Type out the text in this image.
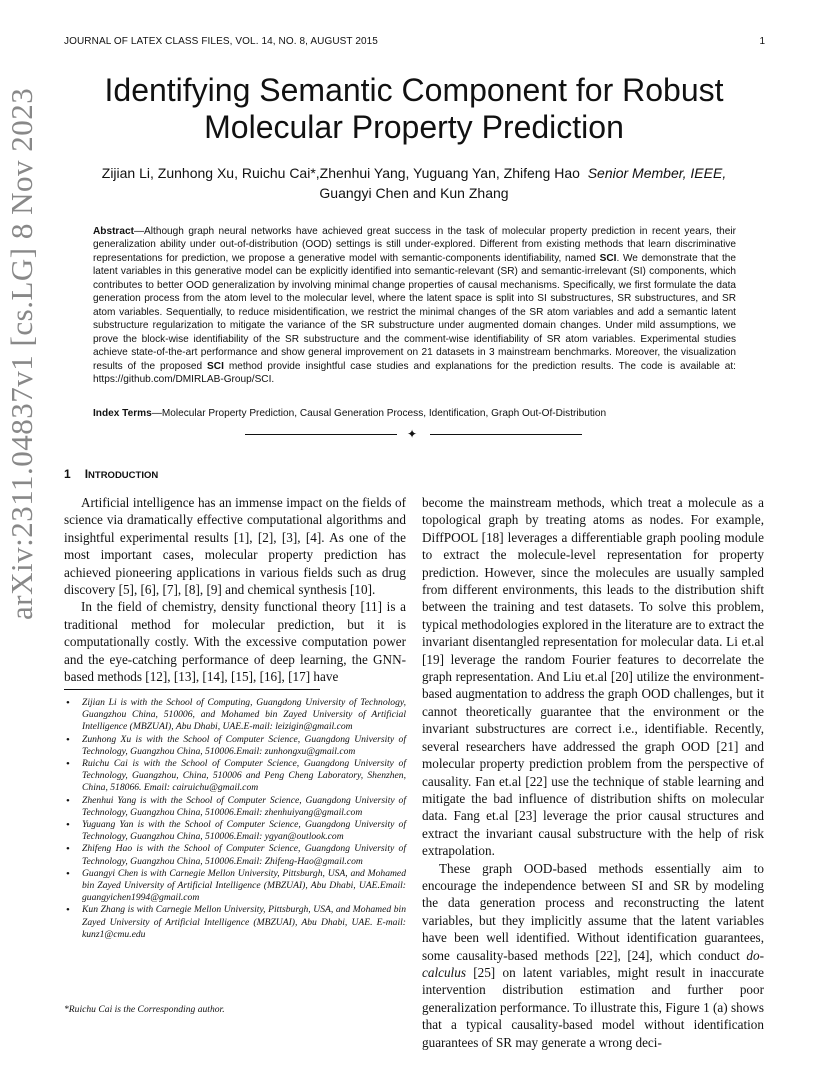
JOURNAL OF LATEX CLASS FILES, VOL. 14, NO. 8, AUGUST 2015	1
arXiv:2311.04837v1 [cs.LG] 8 Nov 2023	Identifying Semantic Component for Robust Molecular Property Prediction
Zijian Li, Zunhong Xu, Ruichu Cai*,Zhenhui Yang, Yuguang Yan, Zhifeng Hao Senior Member, IEEE,
Guangyi Chen and Kun Zhang
Abstract—Although graph neural networks have achieved great success in the task of molecular property prediction in recent years, their generalization ability under out-of-distribution (OOD) settings is still under-explored. Different from existing methods that learn discriminative representations for prediction, we propose a generative model with semantic-components identifiability, named SCI. We demonstrate that the latent variables in this generative model can be explicitly identified into semantic-relevant (SR) and semantic-irrelevant (SI) components, which contributes to better OOD generalization by involving minimal change properties of causal mechanisms. Specifically, we first formulate the data generation process from the atom level to the molecular level, where the latent space is split into SI substructures, SR substructures, and SR atom variables. Sequentially, to reduce misidentification, we restrict the minimal changes of the SR atom variables and add a semantic latent substructure regularization to mitigate the variance of the SR substructure under augmented domain changes. Under mild assumptions, we prove the block-wise identifiability of the SR substructure and the comment-wise identifiability of SR atom variables. Experimental studies achieve state-of-the-art performance and show general improvement on 21 datasets in 3 mainstream benchmarks. Moreover, the visualization results of the proposed SCI method provide insightful case studies and explanations for the prediction results. The code is available at: https://github.com/DMIRLAB-Group/SCI.
Index Terms—Molecular Property Prediction, Causal Generation Process, Identification, Graph Out-Of-Distribution
✦
1 INTRODUCTION

Artificial intelligence has an immense impact on the fields of science via dramatically effective computational algorithms and insightful experimental results [1], [2], [3], [4]. As one of the most important cases, molecular property prediction has achieved pioneering applications in various fields such as drug discovery [5], [6], [7], [8], [9] and chemical synthesis [10].

In the field of chemistry, density functional theory [11] is a traditional method for molecular prediction, but it is computationally costly. With the excessive computation power and the eye-catching performance of deep learning, the GNN-based methods [12], [13], [14], [15], [16], [17] have

• Zijian Li is with the School of Computing, Guangdong University of Technology, Guangzhou China, 510006, and Mohamed bin Zayed University of Artificial Intelligence (MBZUAI), Abu Dhabi, UAE.E-mail: leizigin@gmail.com
• Zunhong Xu is with the School of Computer Science, Guangdong University of Technology, Guangzhou China, 510006.Email: zunhongxu@gmail.com
• Ruichu Cai is with the School of Computer Science, Guangdong University of Technology, Guangzhou, China, 510006 and Peng Cheng Laboratory, Shenzhen, China, 518066. Email: cairuichu@gmail.com
• Zhenhui Yang is with the School of Computer Science, Guangdong University of Technology, Guangzhou China, 510006.Email: zhenhuiyang@gmail.com
• Yuguang Yan is with the School of Computer Science, Guangdong University of Technology, Guangzhou China, 510006.Email: ygyan@outlook.com
• Zhifeng Hao is with the School of Computer Science, Guangdong University of Technology, Guangzhou China, 510006.Email: Zhifeng-Hao@gmail.com
• Guangyi Chen is with Carnegie Mellon University, Pittsburgh, USA, and Mohamed bin Zayed University of Artificial Intelligence (MBZUAI), Abu Dhabi, UAE.Email: guangyichen1994@gmail.com
• Kun Zhang is with Carnegie Mellon University, Pittsburgh, USA, and Mohamed bin Zayed University of Artificial Intelligence (MBZUAI), Abu Dhabi, UAE. E-mail: kunz1@cmu.edu
*Ruichu Cai is the Corresponding author.

become the mainstream methods, which treat a molecule as a topological graph by treating atoms as nodes. For example, DiffPOOL [18] leverages a differentiable graph pooling module to extract the molecule-level representation for property prediction. However, since the molecules are usually sampled from different environments, this leads to the distribution shift between the training and test datasets. To solve this problem, typical methodologies explored in the literature are to extract the invariant disentangled representation for molecular data. Li et.al [19] leverage the random Fourier features to decorrelate the graph representation. And Liu et.al [20] utilize the environment-based augmentation to address the graph OOD challenges, but it cannot theoretically guarantee that the environment or the invariant substructures are correct i.e., identifiable. Recently, several researchers have addressed the graph OOD [21] and molecular property prediction problem from the perspective of causality. Fan et.al [22] use the technique of stable learning and mitigate the bad influence of distribution shifts on molecular data. Fang et.al [23] leverage the prior causal structures and extract the invariant causal substructure with the help of risk extrapolation.

These graph OOD-based methods essentially aim to encourage the independence between SI and SR by modeling the data generation process and reconstructing the latent variables, but they implicitly assume that the latent variables have been well identified. Without identification guarantees, some causality-based methods [22], [24], which conduct do-calculus [25] on latent variables, might result in inaccurate intervention distribution estimation and further poor generalization performance. To illustrate this, Figure 1 (a) shows that a typical causality-based model without identification guarantees of SR may generate a wrong deci-
